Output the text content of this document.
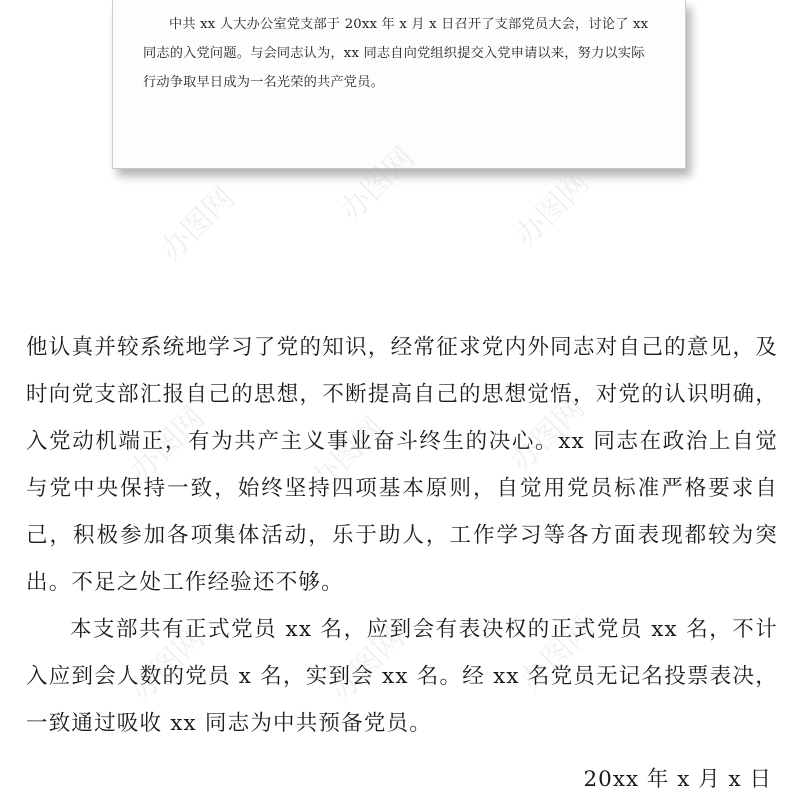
中共 xx 人大办公室党支部于 20xx 年 x 月 x 日召开了支部党员大会，讨论了 xx 同志的入党问题。与会同志认为，xx 同志自向党组织提交入党申请以来，努力以实际行动争取早日成为一名光荣的共产党员。

办图网	办图网	办图网
办图网	办图网	办图网
办图网	办图网	办图网

他认真并较系统地学习了党的知识，经常征求党内外同志对自己的意见，及时向党支部汇报自己的思想，不断提高自己的思想觉悟，对党的认识明确，入党动机端正，有为共产主义事业奋斗终生的决心。xx 同志在政治上自觉与党中央保持一致，始终坚持四项基本原则，自觉用党员标准严格要求自己，积极参加各项集体活动，乐于助人，工作学习等各方面表现都较为突出。不足之处工作经验还不够。

本支部共有正式党员 xx 名，应到会有表决权的正式党员 xx 名，不计入应到会人数的党员 x 名，实到会 xx 名。经 xx 名党员无记名投票表决，一致通过吸收 xx 同志为中共预备党员。

20xx 年 x 月 x 日
